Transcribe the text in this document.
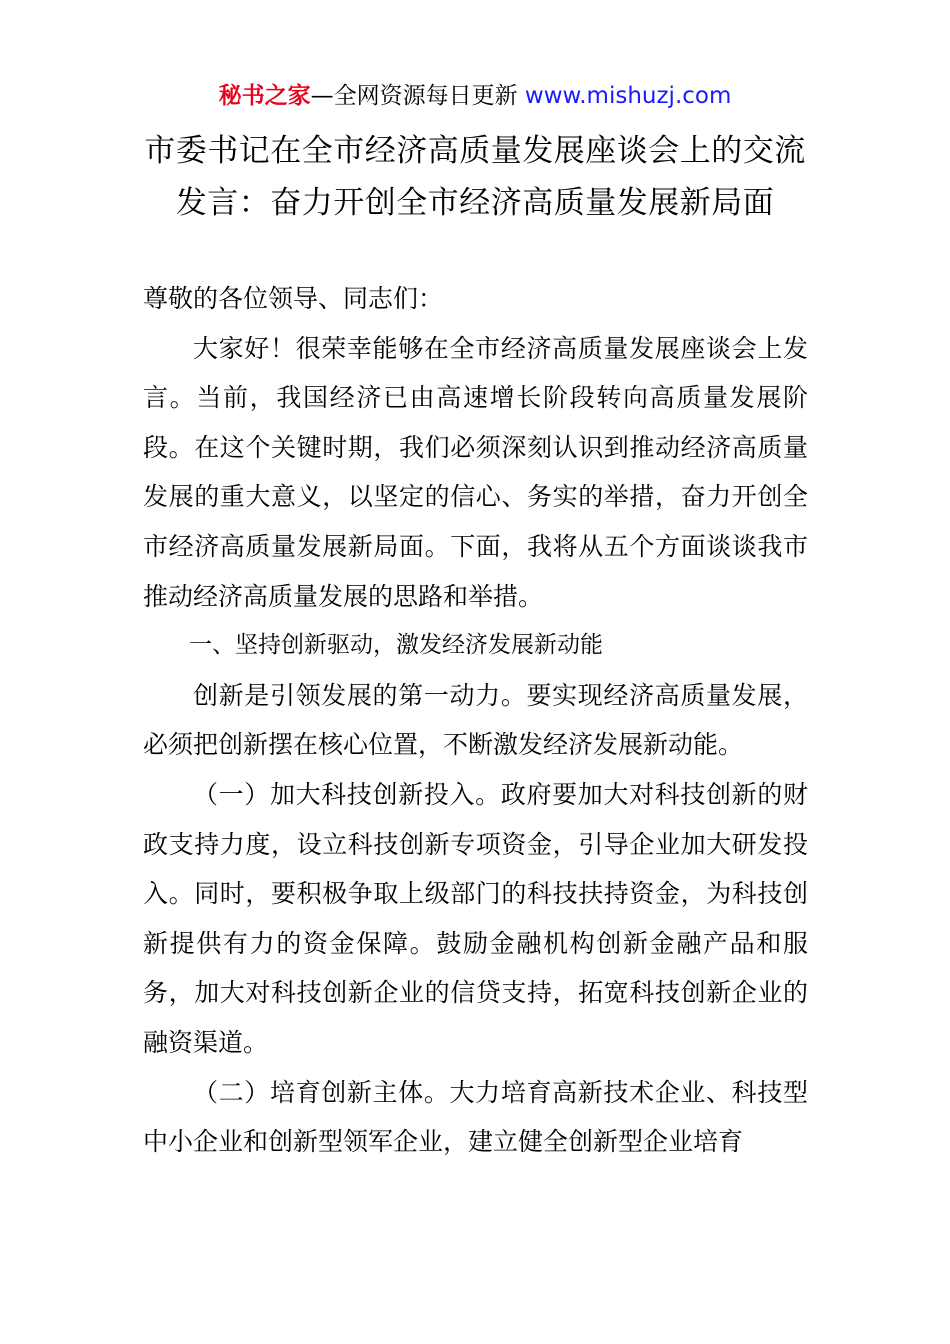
秘书之家—全网资源每日更新 www.mishuzj.com
市委书记在全市经济高质量发展座谈会上的交流发言：奋力开创全市经济高质量发展新局面

尊敬的各位领导、同志们：

大家好！很荣幸能够在全市经济高质量发展座谈会上发言。当前，我国经济已由高速增长阶段转向高质量发展阶段。在这个关键时期，我们必须深刻认识到推动经济高质量发展的重大意义，以坚定的信心、务实的举措，奋力开创全市经济高质量发展新局面。下面，我将从五个方面谈谈我市推动经济高质量发展的思路和举措。

一、坚持创新驱动，激发经济发展新动能

创新是引领发展的第一动力。要实现经济高质量发展，必须把创新摆在核心位置，不断激发经济发展新动能。

（一）加大科技创新投入。政府要加大对科技创新的财政支持力度，设立科技创新专项资金，引导企业加大研发投入。同时，要积极争取上级部门的科技扶持资金，为科技创新提供有力的资金保障。鼓励金融机构创新金融产品和服务，加大对科技创新企业的信贷支持，拓宽科技创新企业的融资渠道。

（二）培育创新主体。大力培育高新技术企业、科技型中小企业和创新型领军企业，建立健全创新型企业培育
